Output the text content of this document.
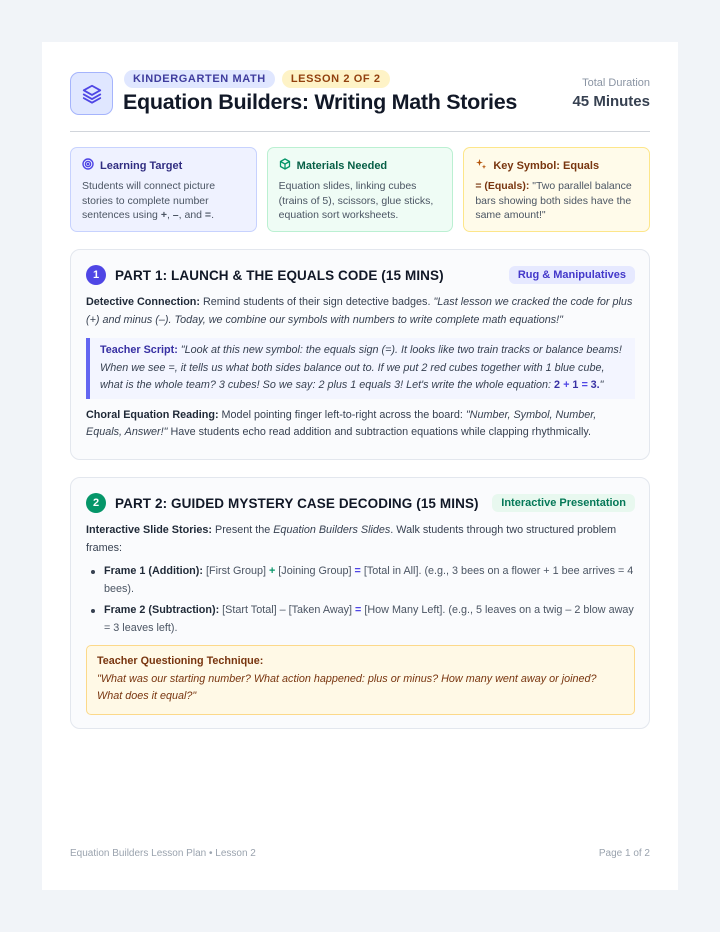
KINDERGARTEN MATH	LESSON 2 OF 2
Equation Builders: Writing Math Stories
Total Duration
45 Minutes
Learning Target
Students will connect picture stories to complete number sentences using +, –, and =.
Materials Needed
Equation slides, linking cubes (trains of 5), scissors, glue sticks, equation sort worksheets.
Key Symbol: Equals
= (Equals): "Two parallel balance bars showing both sides have the same amount!"
1	PART 1: LAUNCH & THE EQUALS CODE (15 MINS)	Rug & Manipulatives
Detective Connection: Remind students of their sign detective badges. "Last lesson we cracked the code for plus (+) and minus (–). Today, we combine our symbols with numbers to write complete math equations!"
Teacher Script: "Look at this new symbol: the equals sign (=). It looks like two train tracks or balance beams! When we see =, it tells us what both sides balance out to. If we put 2 red cubes together with 1 blue cube, what is the whole team? 3 cubes! So we say: 2 plus 1 equals 3! Let's write the whole equation: 2 + 1 = 3."
Choral Equation Reading: Model pointing finger left-to-right across the board: "Number, Symbol, Number, Equals, Answer!" Have students echo read addition and subtraction equations while clapping rhythmically.
2	PART 2: GUIDED MYSTERY CASE DECODING (15 MINS)	Interactive Presentation
Interactive Slide Stories: Present the Equation Builders Slides. Walk students through two structured problem frames:
Frame 1 (Addition): [First Group] + [Joining Group] = [Total in All]. (e.g., 3 bees on a flower + 1 bee arrives = 4 bees).
Frame 2 (Subtraction): [Start Total] – [Taken Away] = [How Many Left]. (e.g., 5 leaves on a twig – 2 blow away = 3 leaves left).
Teacher Questioning Technique:
"What was our starting number? What action happened: plus or minus? How many went away or joined? What does it equal?"
Equation Builders Lesson Plan • Lesson 2	Page 1 of 2
